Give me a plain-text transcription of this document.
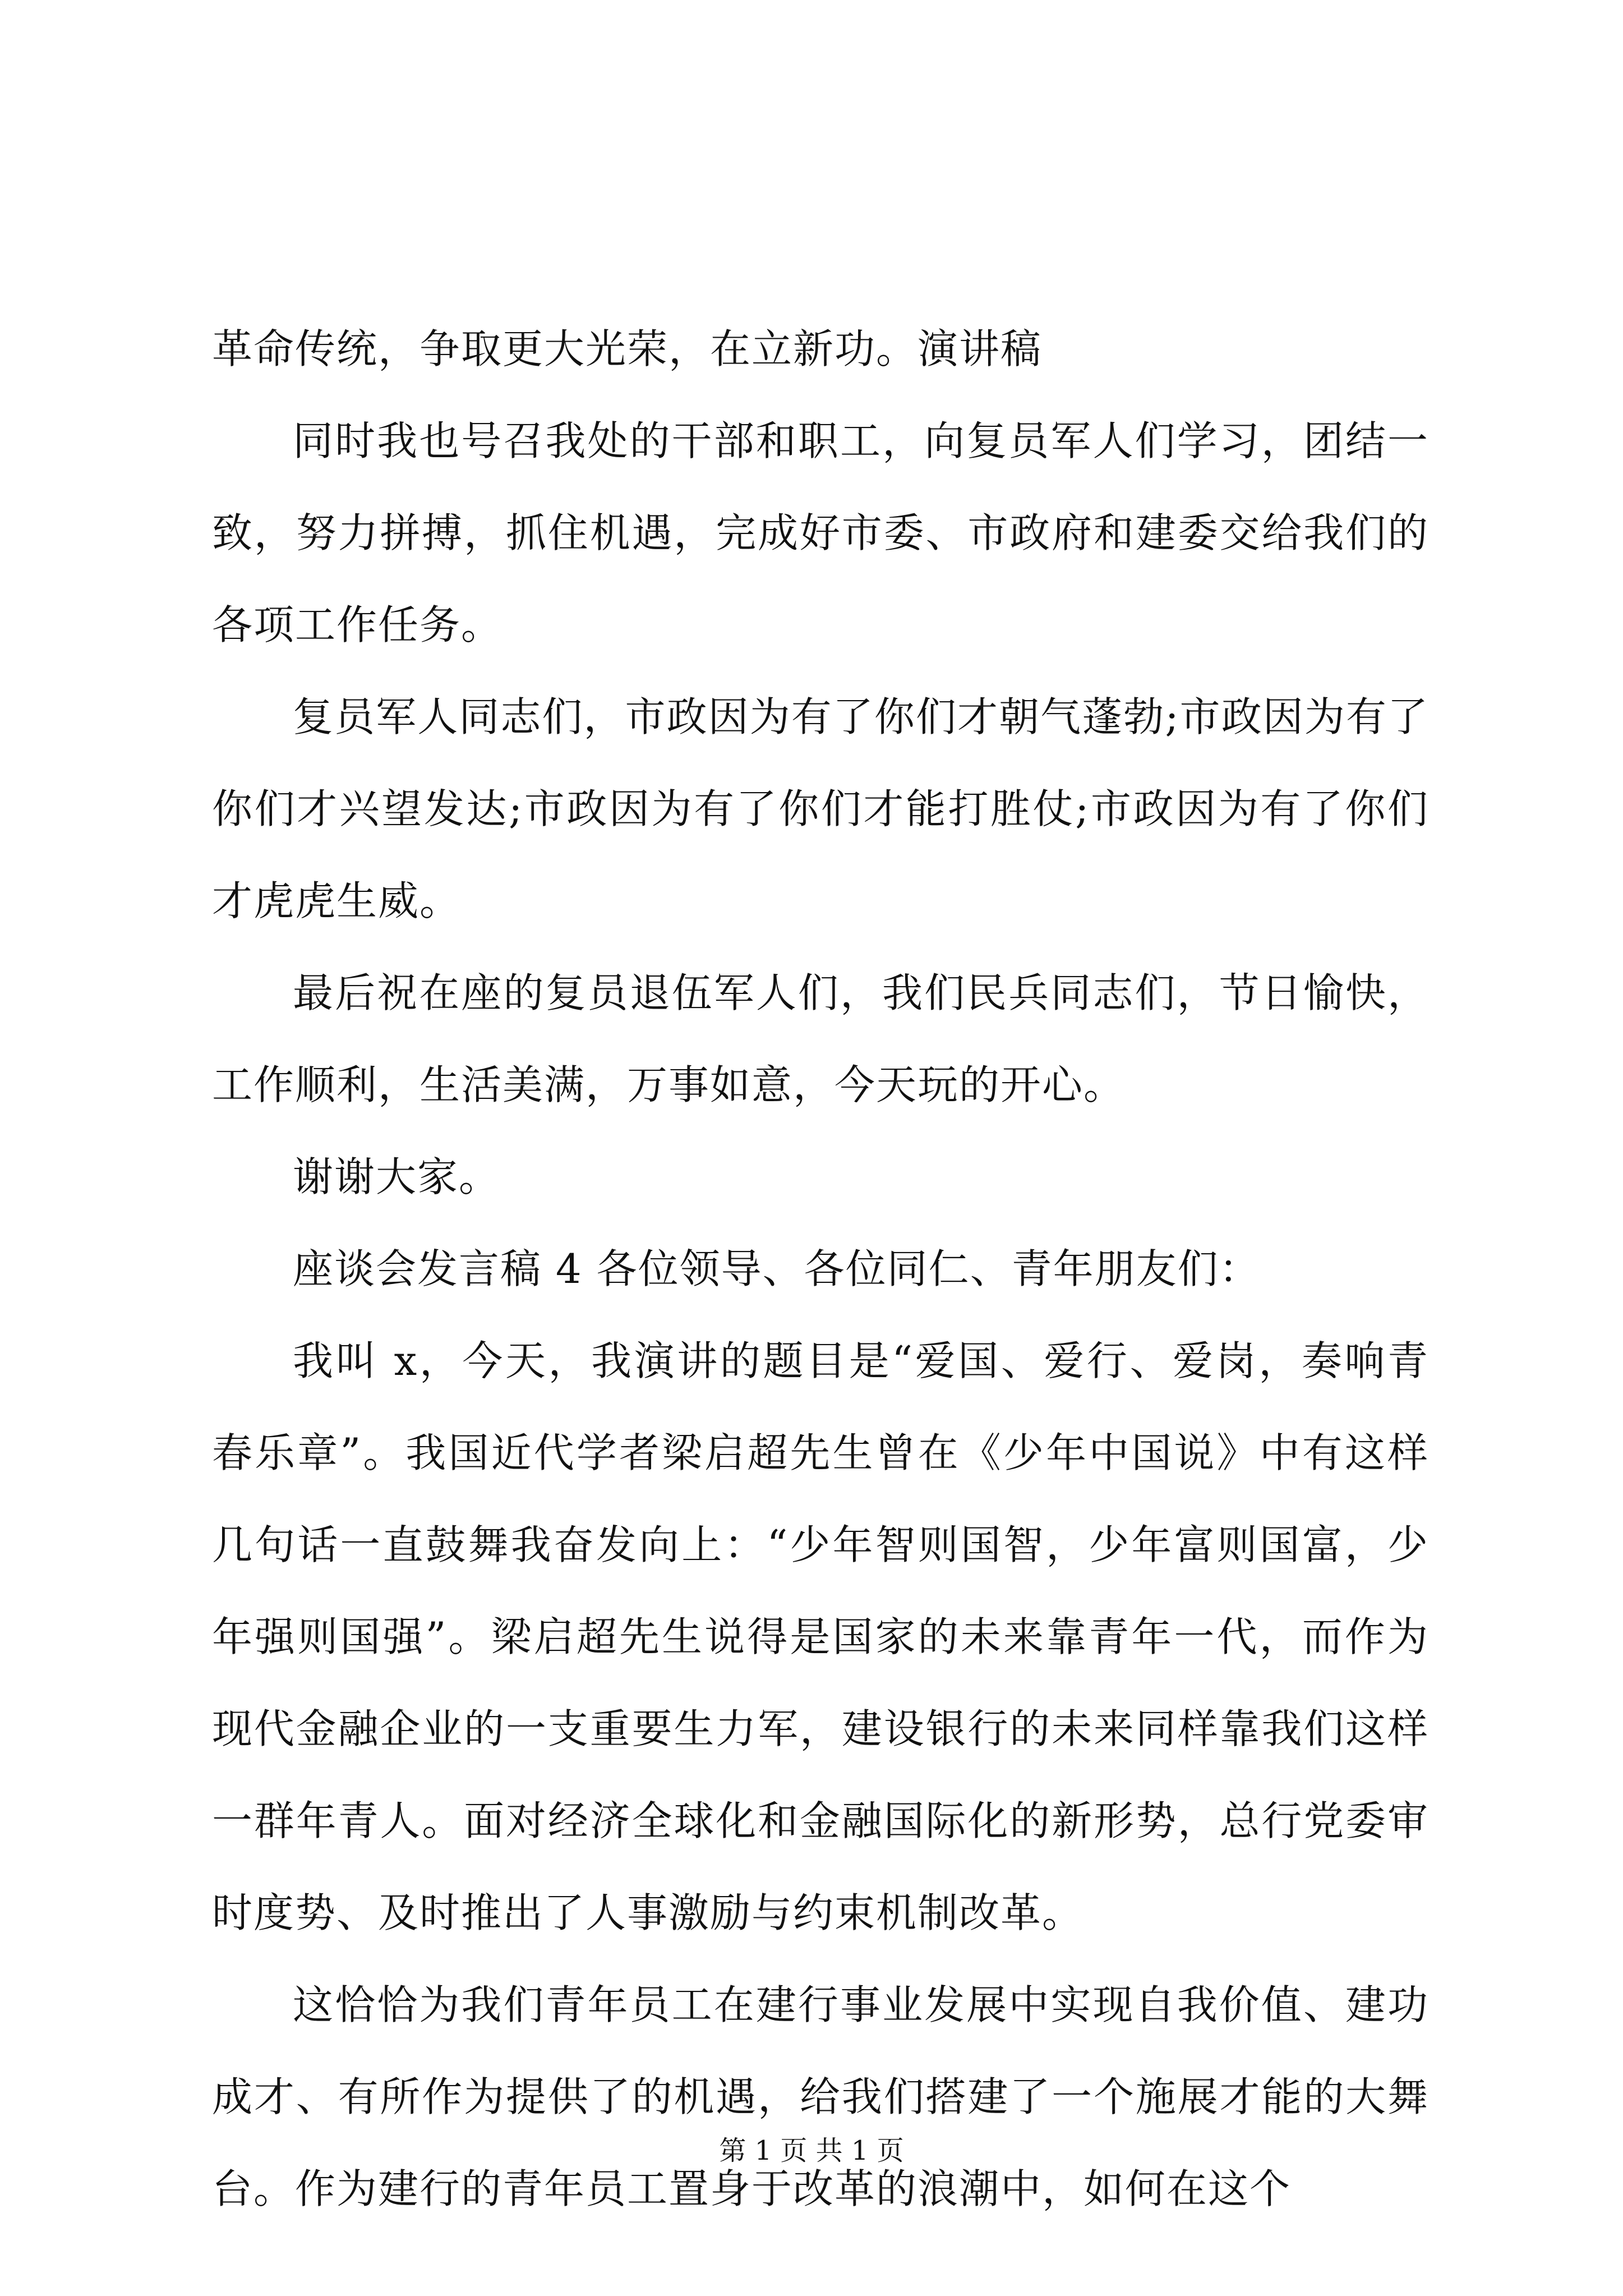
革命传统，争取更大光荣，在立新功。演讲稿

同时我也号召我处的干部和职工，向复员军人们学习，团结一致，努力拼搏，抓住机遇，完成好市委、市政府和建委交给我们的各项工作任务。

复员军人同志们，市政因为有了你们才朝气蓬勃;市政因为有了你们才兴望发达;市政因为有了你们才能打胜仗;市政因为有了你们才虎虎生威。

最后祝在座的复员退伍军人们，我们民兵同志们，节日愉快，工作顺利，生活美满，万事如意，今天玩的开心。

谢谢大家。

座谈会发言稿 4 各位领导、各位同仁、青年朋友们：

我叫 x，今天，我演讲的题目是“爱国、爱行、爱岗，奏响青春乐章”。我国近代学者梁启超先生曾在《少年中国说》中有这样几句话一直鼓舞我奋发向上：“少年智则国智，少年富则国富，少年强则国强”。梁启超先生说得是国家的未来靠青年一代，而作为现代金融企业的一支重要生力军，建设银行的未来同样靠我们这样一群年青人。面对经济全球化和金融国际化的新形势，总行党委审时度势、及时推出了人事激励与约束机制改革。

这恰恰为我们青年员工在建行事业发展中实现自我价值、建功成才、有所作为提供了的机遇，给我们搭建了一个施展才能的大舞台。作为建行的青年员工置身于改革的浪潮中，如何在这个

第 1 页 共 1 页
